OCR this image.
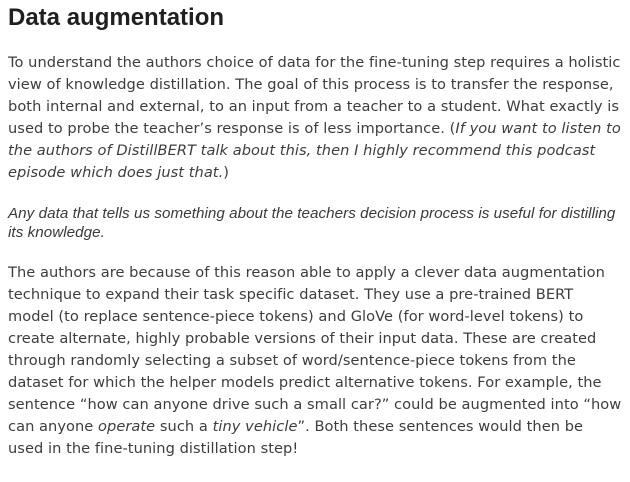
Data augmentation

To understand the authors choice of data for the fine-tuning step requires a holistic view of knowledge distillation. The goal of this process is to transfer the response, both internal and external, to an input from a teacher to a student. What exactly is used to probe the teacher’s response is of less importance. (If you want to listen to the authors of DistillBERT talk about this, then I highly recommend this podcast episode which does just that.)

Any data that tells us something about the teachers decision process is useful for distilling its knowledge.

The authors are because of this reason able to apply a clever data augmentation technique to expand their task specific dataset. They use a pre-trained BERT model (to replace sentence-piece tokens) and GloVe (for word-level tokens) to create alternate, highly probable versions of their input data. These are created through randomly selecting a subset of word/sentence-piece tokens from the dataset for which the helper models predict alternative tokens. For example, the sentence “how can anyone drive such a small car?” could be augmented into “how can anyone operate such a tiny vehicle”. Both these sentences would then be used in the fine-tuning distillation step!
